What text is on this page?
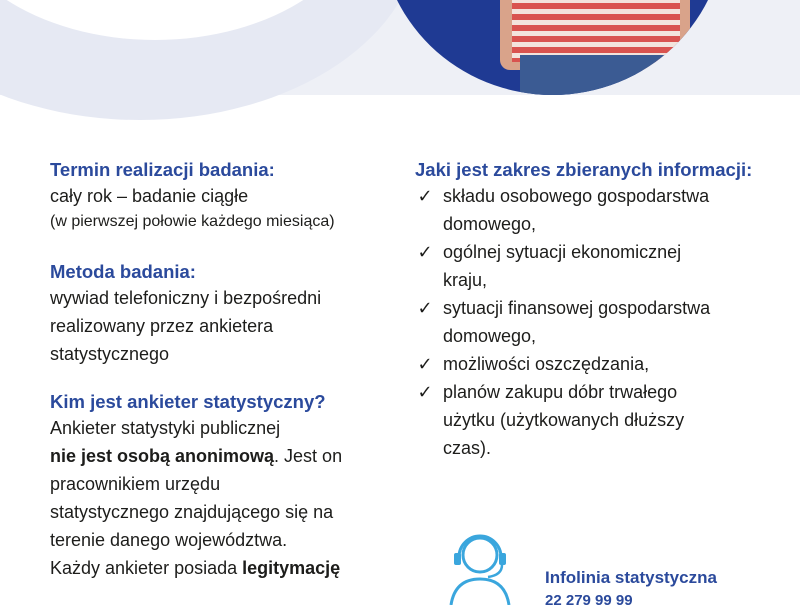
Termin realizacji badania:

cały rok – badanie ciągłe

(w pierwszej połowie każdego miesiąca)

Metoda badania:

wywiad telefoniczny i bezpośredni

realizowany przez ankietera

statystycznego

Kim jest ankieter statystyczny?

Ankieter statystyki publicznej

nie jest osobą anonimową. Jest on

pracownikiem urzędu

statystycznego znajdującego się na

terenie danego województwa.

Każdy ankieter posiada legitymację

Jaki jest zakres zbieranych informacji:

✓ składu osobowego gospodarstwa
domowego,
✓ ogólnej sytuacji ekonomicznej
kraju,
✓ sytuacji finansowej gospodarstwa
domowego,
✓ możliwości oszczędzania,
✓ planów zakupu dóbr trwałego
użytku (użytkowanych dłuższy
czas).
Infolinia statystyczna
22 279 99 99
